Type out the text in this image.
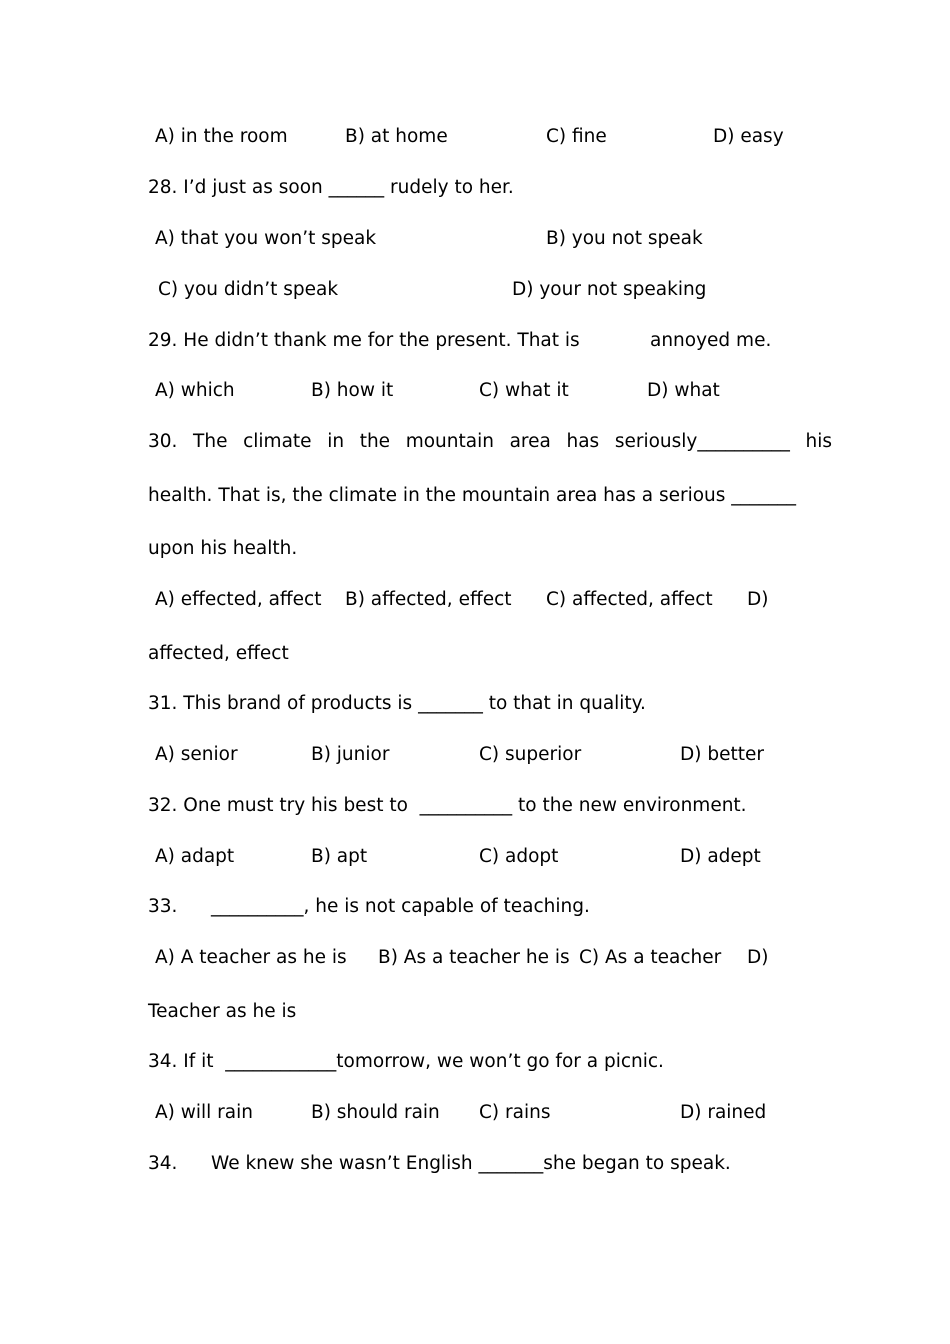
A) in the room	B) at home	C) fine	D) easy
28. I’d just as soon ______ rudely to her.
A) that you won’t speak	B) you not speak
C) you didn’t speak	D) your not speaking
29. He didn’t thank me for the present. That is	annoyed me.
A) which	B) how it	C) what it	D) what
30. The climate in the mountain area has seriously__________ his
health. That is, the climate in the mountain area has a serious _______
upon his health.
A) effected, affect B) affected, effect C) affected, affect D)
affected, effect
31. This brand of products is _______ to that in quality.
A) senior	B) junior	C) superior	D) better
32. One must try his best to  __________ to the new environment.
A) adapt	B) apt	C) adopt	D) adept
33. __________, he is not capable of teaching.
A) A teacher as he is B) As a teacher he is C) As a teacher D)
Teacher as he is
34. If it  ____________tomorrow, we won’t go for a picnic.
A) will rain	B) should rain C) rains	D) rained
34. We knew she wasn’t English _______she began to speak.
